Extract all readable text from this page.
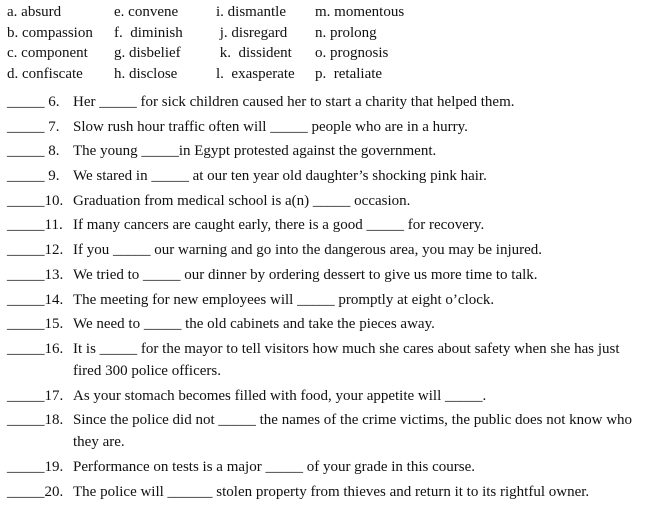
a. absurd	e. convene	i. dismantle m. momentous
b. compassion f.  diminish j. disregard n. prolong
c. component g. disbelief k.  dissident o. prognosis
d. confiscate h. disclose	l.  exasperate p.  retaliate
_____ 6. Her _____ for sick children caused her to start a charity that helped them.
_____ 7. Slow rush hour traffic often will _____ people who are in a hurry.
_____ 8. The young _____in Egypt protested against the government.
_____ 9. We stared in _____ at our ten year old daughter’s shocking pink hair.
_____10. Graduation from medical school is a(n) _____ occasion.
_____11. If many cancers are caught early, there is a good _____ for recovery.
_____12. If you _____ our warning and go into the dangerous area, you may be injured.
_____13. We tried to _____ our dinner by ordering dessert to give us more time to talk.
_____14. The meeting for new employees will _____ promptly at eight o’clock.
_____15. We need to _____ the old cabinets and take the pieces away.
_____16. It is _____ for the mayor to tell visitors how much she cares about safety when she has just fired 300 police officers.
_____17. As your stomach becomes filled with food, your appetite will _____.
_____18. Since the police did not _____ the names of the crime victims, the public does not know who they are.
_____19. Performance on tests is a major _____ of your grade in this course.
_____20. The police will ______ stolen property from thieves and return it to its rightful owner.
